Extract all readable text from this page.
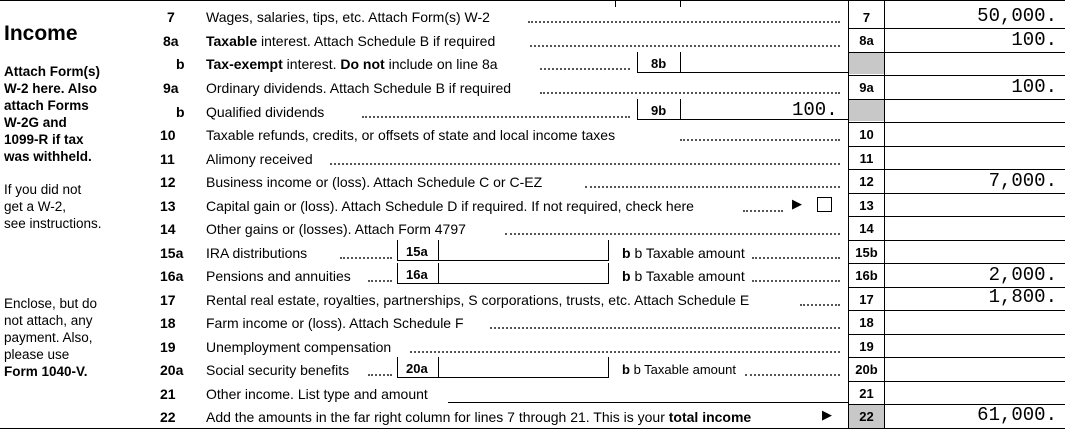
Income
Attach Form(s)
W-2 here. Also
attach Forms
W-2G and
1099-R if tax
was withheld.
If you did not
get a W-2,
see instructions.
Enclose, but do
not attach, any
payment. Also,
please use
Form 1040-V.
7 Wages, salaries, tips, etc. Attach Form(s) W-2	7	50,000.
8a Taxable interest. Attach Schedule B if required	8a	100.
b Tax-exempt interest. Do not include on line 8a	8b
9a Ordinary dividends. Attach Schedule B if required	9a	100.
b Qualified dividends	9b	100.
10 Taxable refunds, credits, or offsets of state and local income taxes	10
11 Alimony received	11
12 Business income or (loss). Attach Schedule C or C-EZ	12	7,000.
13 Capital gain or (loss). Attach Schedule D if required. If not required, check here	▶	13
14 Other gains or (losses). Attach Form 4797	14
15a IRA distributions	15a	b b Taxable amount	15b
16a Pensions and annuities	16a	b b Taxable amount	16b	2,000.
17 Rental real estate, royalties, partnerships, S corporations, trusts, etc. Attach Schedule E	17	1,800.
18 Farm income or (loss). Attach Schedule F	18
19 Unemployment compensation	19
20a Social security benefits	20a	b b Taxable amount	20b
21 Other income. List type and amount	21
22 Add the amounts in the far right column for lines 7 through 21. This is your total income	▶	22	61,000.
